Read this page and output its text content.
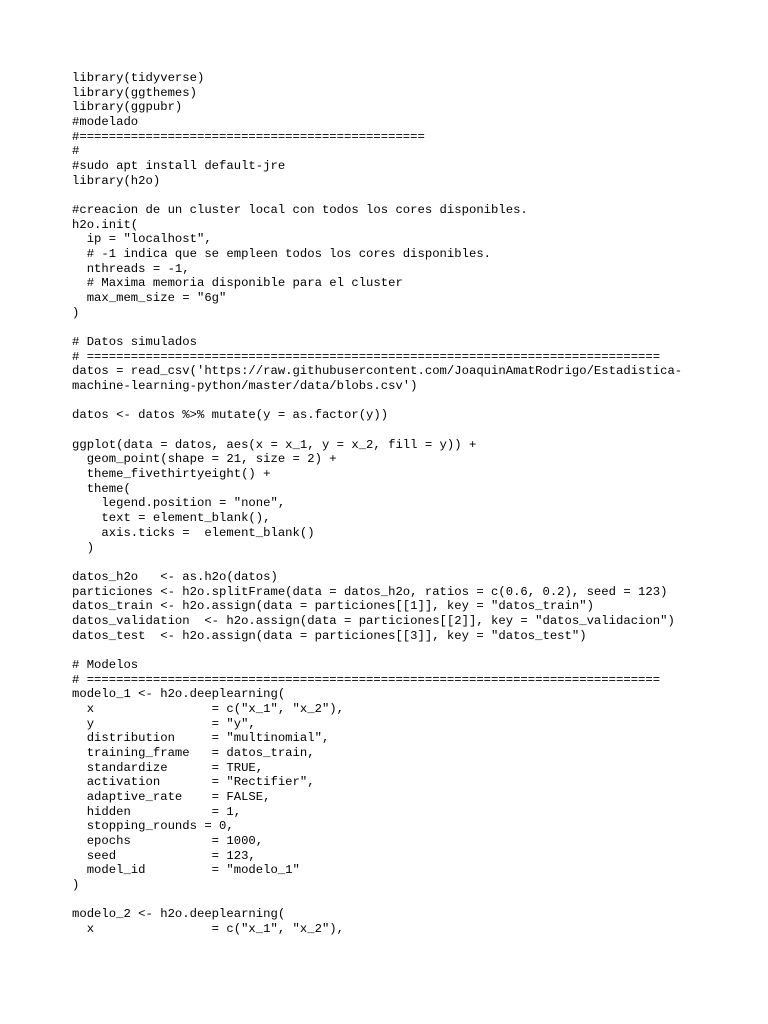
library(tidyverse)
library(ggthemes)
library(ggpubr)
#modelado
#===============================================
#
#sudo apt install default-jre
library(h2o)
#creacion de un cluster local con todos los cores disponibles.
h2o.init(
ip = "localhost",
# -1 indica que se empleen todos los cores disponibles.
nthreads = -1,
# Maxima memoria disponible para el cluster
max_mem_size = "6g"
)
# Datos simulados
# ==============================================================================
datos = read_csv('https://raw.githubusercontent.com/JoaquinAmatRodrigo/Estadistica-
machine-learning-python/master/data/blobs.csv')
datos <- datos %>% mutate(y = as.factor(y))
ggplot(data = datos, aes(x = x_1, y = x_2, fill = y)) +
geom_point(shape = 21, size = 2) +
theme_fivethirtyeight() +
theme(
legend.position = "none",
text = element_blank(),
axis.ticks =  element_blank()
)
datos_h2o   <- as.h2o(datos)
particiones <- h2o.splitFrame(data = datos_h2o, ratios = c(0.6, 0.2), seed = 123)
datos_train <- h2o.assign(data = particiones[[1]], key = "datos_train")
datos_validation  <- h2o.assign(data = particiones[[2]], key = "datos_validacion")
datos_test  <- h2o.assign(data = particiones[[3]], key = "datos_test")
# Modelos
# ==============================================================================
modelo_1 <- h2o.deeplearning(
x                = c("x_1", "x_2"),
y                = "y",
distribution     = "multinomial",
training_frame   = datos_train,
standardize      = TRUE,
activation       = "Rectifier",
adaptive_rate    = FALSE,
hidden           = 1,
stopping_rounds = 0,
epochs           = 1000,
seed             = 123,
model_id         = "modelo_1"
)
modelo_2 <- h2o.deeplearning(
x                = c("x_1", "x_2"),
